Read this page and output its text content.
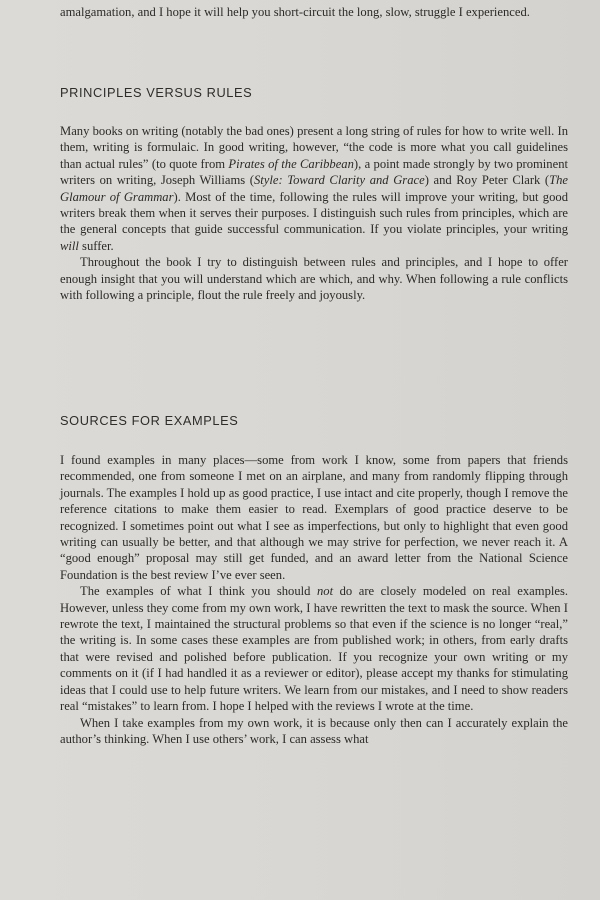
amalgamation, and I hope it will help you short-circuit the long, slow, struggle I experienced.

PRINCIPLES VERSUS RULES

Many books on writing (notably the bad ones) present a long string of rules for how to write well. In them, writing is formulaic. In good writing, however, “the code is more what you call guidelines than actual rules” (to quote from Pirates of the Caribbean), a point made strongly by two prominent writers on writing, Joseph Williams (Style: Toward Clarity and Grace) and Roy Peter Clark (The Glamour of Grammar). Most of the time, following the rules will improve your writing, but good writers break them when it serves their purposes. I distinguish such rules from principles, which are the general concepts that guide successful communication. If you violate principles, your writing will suffer.

Throughout the book I try to distinguish between rules and principles, and I hope to offer enough insight that you will understand which are which, and why. When following a rule conflicts with following a principle, flout the rule freely and joyously.

SOURCES FOR EXAMPLES

I found examples in many places—some from work I know, some from papers that friends recommended, one from someone I met on an airplane, and many from randomly flipping through journals. The examples I hold up as good practice, I use intact and cite properly, though I remove the reference citations to make them easier to read. Exemplars of good practice deserve to be recognized. I sometimes point out what I see as imperfections, but only to highlight that even good writing can usually be better, and that although we may strive for perfection, we never reach it. A “good enough” proposal may still get funded, and an award letter from the National Science Foundation is the best review I’ve ever seen.

The examples of what I think you should not do are closely modeled on real examples. However, unless they come from my own work, I have rewritten the text to mask the source. When I rewrote the text, I maintained the structural problems so that even if the science is no longer “real,” the writing is. In some cases these examples are from published work; in others, from early drafts that were revised and polished before publication. If you recognize your own writing or my comments on it (if I had handled it as a reviewer or editor), please accept my thanks for stimulating ideas that I could use to help future writers. We learn from our mistakes, and I need to show readers real “mistakes” to learn from. I hope I helped with the reviews I wrote at the time.

When I take examples from my own work, it is because only then can I accurately explain the author’s thinking. When I use others’ work, I can assess what
